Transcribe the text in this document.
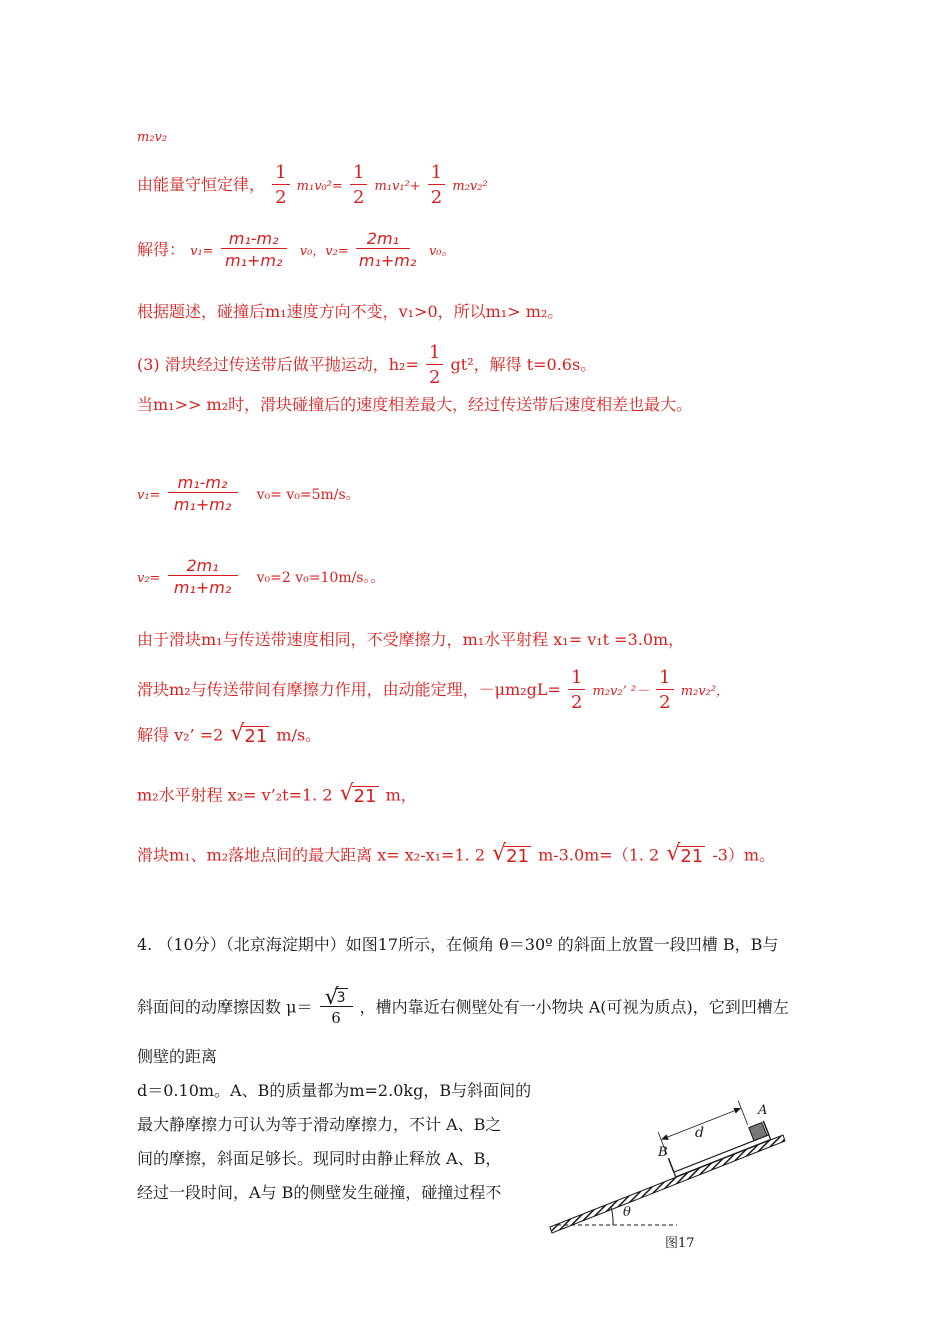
m₂v₂
由能量守恒定律， $\frac{1}{2} m_1v_0^2= \frac{1}{2} m_1v_1^2+ \frac{1}{2} m_2v_2^2$
解得： $v_1= \frac{\text{m₁-m₂}}{\text{m₁+m₂}} v_0$，$v_2= \frac{\text{2m₁}}{\text{m₁+m₂}} v_0$。
根据题述，碰撞后m₁速度方向不变，v₁>0，所以m₁> m₂。
(3) 滑块经过传送带后做平抛运动，$h_2= \frac{1}{2} gt^2$，解得 t=0.6s。
当m₁>> m₂时，滑块碰撞后的速度相差最大，经过传送带后速度相差也最大。
$v_1= \frac{\text{m₁-m₂}}{\text{m₁+m₂}} v_0= v_0=5m/s$。
$v_2= \frac{\text{2m₁}}{\text{m₁+m₂}} v_0=2$ v₀=10m/s。。
由于滑块m₁与传送带速度相同，不受摩擦力，m₁水平射程 x₁= v₁t =3.0m，
滑块m₂与传送带间有摩擦力作用，由动能定理，$-\mu m_2gL= \frac{1}{2} m_2v_2$’ $^2- \frac{1}{2} m_2v_2^2$，
解得 v₂’ =2 √ 21 m/s。
m₂水平射程 x₂= v’₂t=1. 2 √ 21 m，
滑块m₁、m₂落地点间的最大距离 x= x₂-x₁=1. 2 √ 21 m-3.0m=（1. 2 √ 21 -3）m。
4. （10分）（北京海淀期中）如图17所示，在倾角 θ＝30º 的斜面上放置一段凹槽 B，B与
斜面间的动摩擦因数 μ＝ √ $\frac{3}{6}$ ，槽内靠近右侧壁处有一小物块 A(可视为质点)，它到凹槽左
侧壁的距离
d＝0.10m。A、B的质量都为m=2.0kg，B与斜面间的
最大静摩擦力可认为等于滑动摩擦力，不计 A、B之
间的摩擦，斜面足够长。现同时由静止释放 A、B，
经过一段时间，A与 B的侧壁发生碰撞，碰撞过程不
θ
d
A
B
图17
